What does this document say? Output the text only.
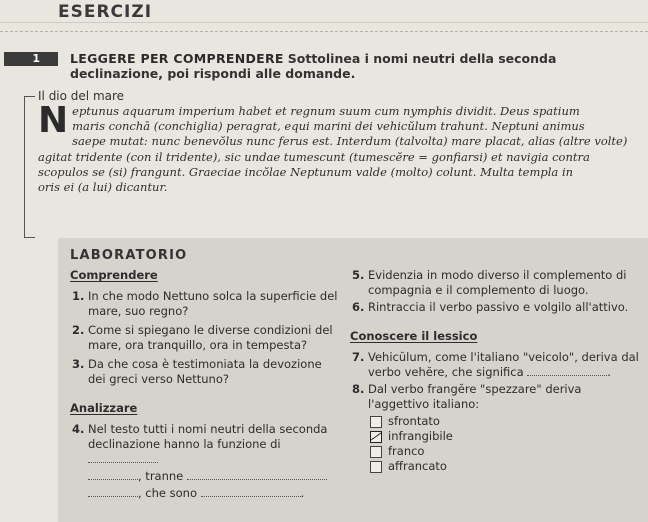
ESERCIZI
1	LEGGERE PER COMPRENDERE Sottolinea i nomi neutri della seconda declinazione, poi rispondi alle domande.
Il dio del mare
N eptunus aquarum imperium habet et regnum suum cum nymphis dividit. Deus spatium
maris conchā (conchiglia) peragrat, equi marini dei vehicŭlum trahunt. Neptuni animus
saepe mutat: nunc benevŏlus nunc ferus est. Interdum (talvolta) mare placat, alias (altre volte)
agitat tridente (con il tridente), sic undae tumescunt (tumescĕre = gonfiarsi) et navigia contra
scopulos se (si) frangunt. Graeciae incŏlae Neptunum valde (molto) colunt. Multa templa in
oris ei (a lui) dicantur.
LABORATORIO
Comprendere
1. In che modo Nettuno solca la superficie del mare, suo regno?
2. Come si spiegano le diverse condizioni del mare, ora tranquillo, ora in tempesta?
3. Da che cosa è testimoniata la devozione dei greci verso Nettuno?
Analizzare
4. Nel testo tutti i nomi neutri della seconda declinazione hanno la funzione di
, tranne
, che sono	.
5. Evidenzia in modo diverso il complemento di compagnia e il complemento di luogo.
6. Rintraccia il verbo passivo e volgilo all'attivo.
Conoscere il lessico
7. Vehicŭlum, come l'italiano "veicolo", deriva dal verbo vehĕre, che significa	.
8. Dal verbo frangĕre "spezzare" deriva l'aggettivo italiano:
sfrontato
infrangibile
franco
affrancato
